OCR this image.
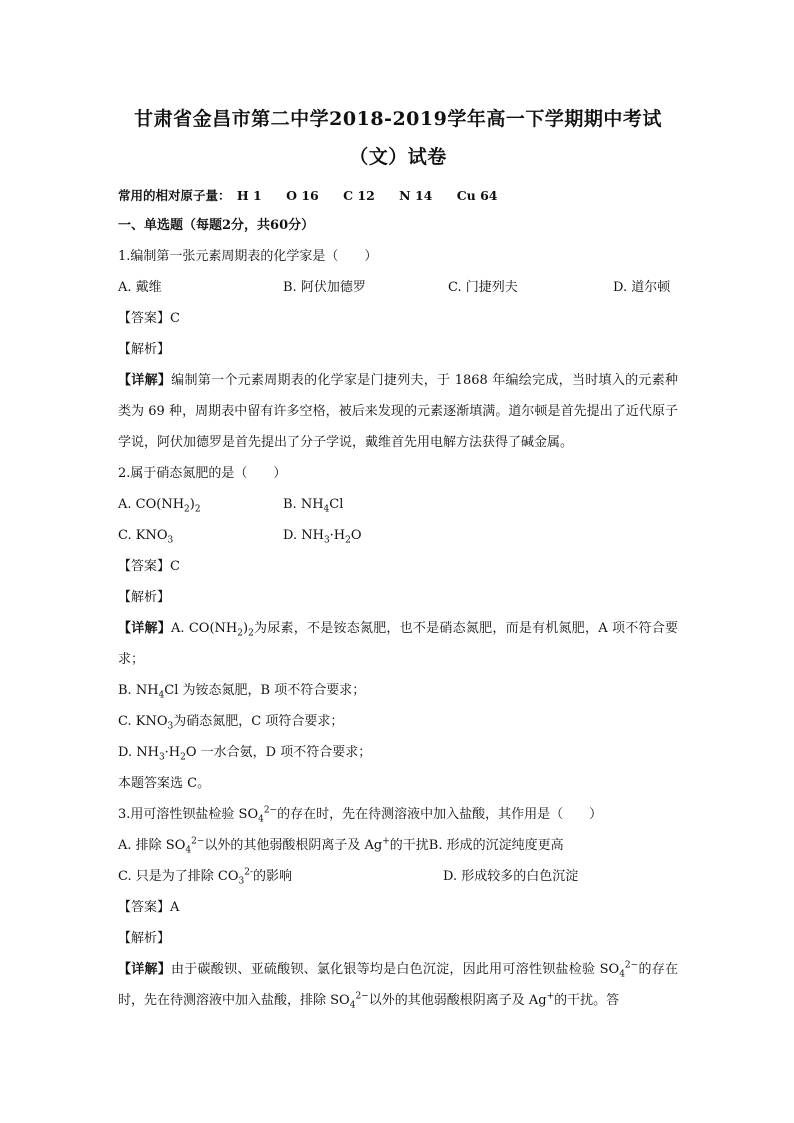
甘肃省金昌市第二中学2018-2019学年高一下学期期中考试
（文）试卷
常用的相对原子量： H 1 O 16 C 12 N 14 Cu 64
一、单选题（每题2分，共60分）
1.编制第一张元素周期表的化学家是（　　）
A. 戴维	B. 阿伏加德罗	C. 门捷列夫	D. 道尔顿
【答案】C
【解析】
【详解】编制第一个元素周期表的化学家是门捷列夫，于 1868 年编绘完成，当时填入的元素种类为 69 种，周期表中留有许多空格，被后来发现的元素逐渐填满。道尔顿是首先提出了近代原子学说，阿伏加德罗是首先提出了分子学说，戴维首先用电解方法获得了碱金属。
2.属于硝态氮肥的是（　　）
A. $CO(NH_2)_2$	B. $NH_4Cl$
C. $KNO_3$	D. $NH_3\cdot H_2O$
【答案】C
【解析】
【详解】A. $CO(NH_2)_2$为尿素，不是铵态氮肥，也不是硝态氮肥，而是有机氮肥，A 项不符合要求；
B. $NH_4Cl$ 为铵态氮肥，B 项不符合要求；
C. $KNO_3$为硝态氮肥，C 项符合要求；
D. $NH_3\cdot H_2O$ 一水合氨，D 项不符合要求；
本题答案选 C。
3.用可溶性钡盐检验 $SO_4^{2-}$的存在时，先在待测溶液中加入盐酸，其作用是（　　）
A. 排除 $SO_4^{2-}$以外的其他弱酸根阴离子及 Ag+的干扰B. 形成的沉淀纯度更高
C. 只是为了排除 $CO_3^{2-}$的影响	D. 形成较多的白色沉淀
【答案】A
【解析】
【详解】由于碳酸钡、亚硫酸钡、氯化银等均是白色沉淀，因此用可溶性钡盐检验 $SO_4^{2-}$的存在时，先在待测溶液中加入盐酸，排除 $SO_4^{2-}$以外的其他弱酸根阴离子及 Ag+的干扰。答
